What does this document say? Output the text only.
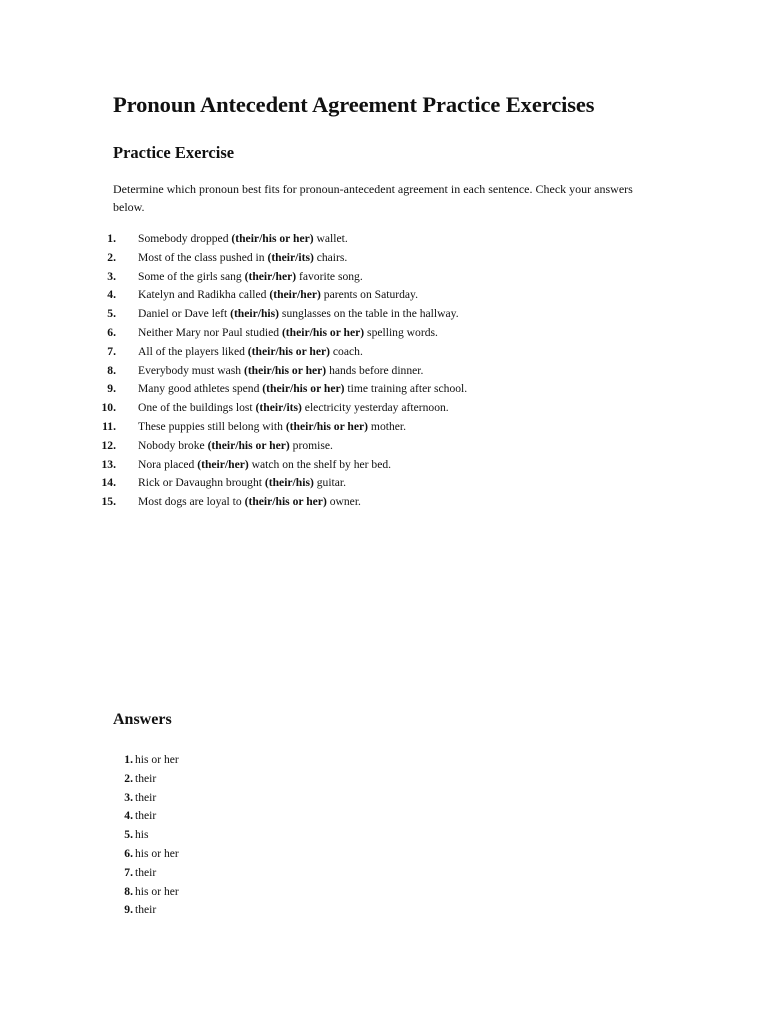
Pronoun Antecedent Agreement Practice Exercises
Practice Exercise

Determine which pronoun best fits for pronoun-antecedent agreement in each sentence. Check your answers below.

1. Somebody dropped (their/his or her) wallet.
2. Most of the class pushed in (their/its) chairs.
3. Some of the girls sang (their/her) favorite song.
4. Katelyn and Radikha called (their/her) parents on Saturday.
5. Daniel or Dave left (their/his) sunglasses on the table in the hallway.
6. Neither Mary nor Paul studied (their/his or her) spelling words.
7. All of the players liked (their/his or her) coach.
8. Everybody must wash (their/his or her) hands before dinner.
9. Many good athletes spend (their/his or her) time training after school.
10. One of the buildings lost (their/its) electricity yesterday afternoon.
11. These puppies still belong with (their/his or her) mother.
12. Nobody broke (their/his or her) promise.
13. Nora placed (their/her) watch on the shelf by her bed.
14. Rick or Davaughn brought (their/his) guitar.
15. Most dogs are loyal to (their/his or her) owner.
Answers
1. his or her
2. their
3. their
4. their
5. his
6. his or her
7. their
8. his or her
9. their
